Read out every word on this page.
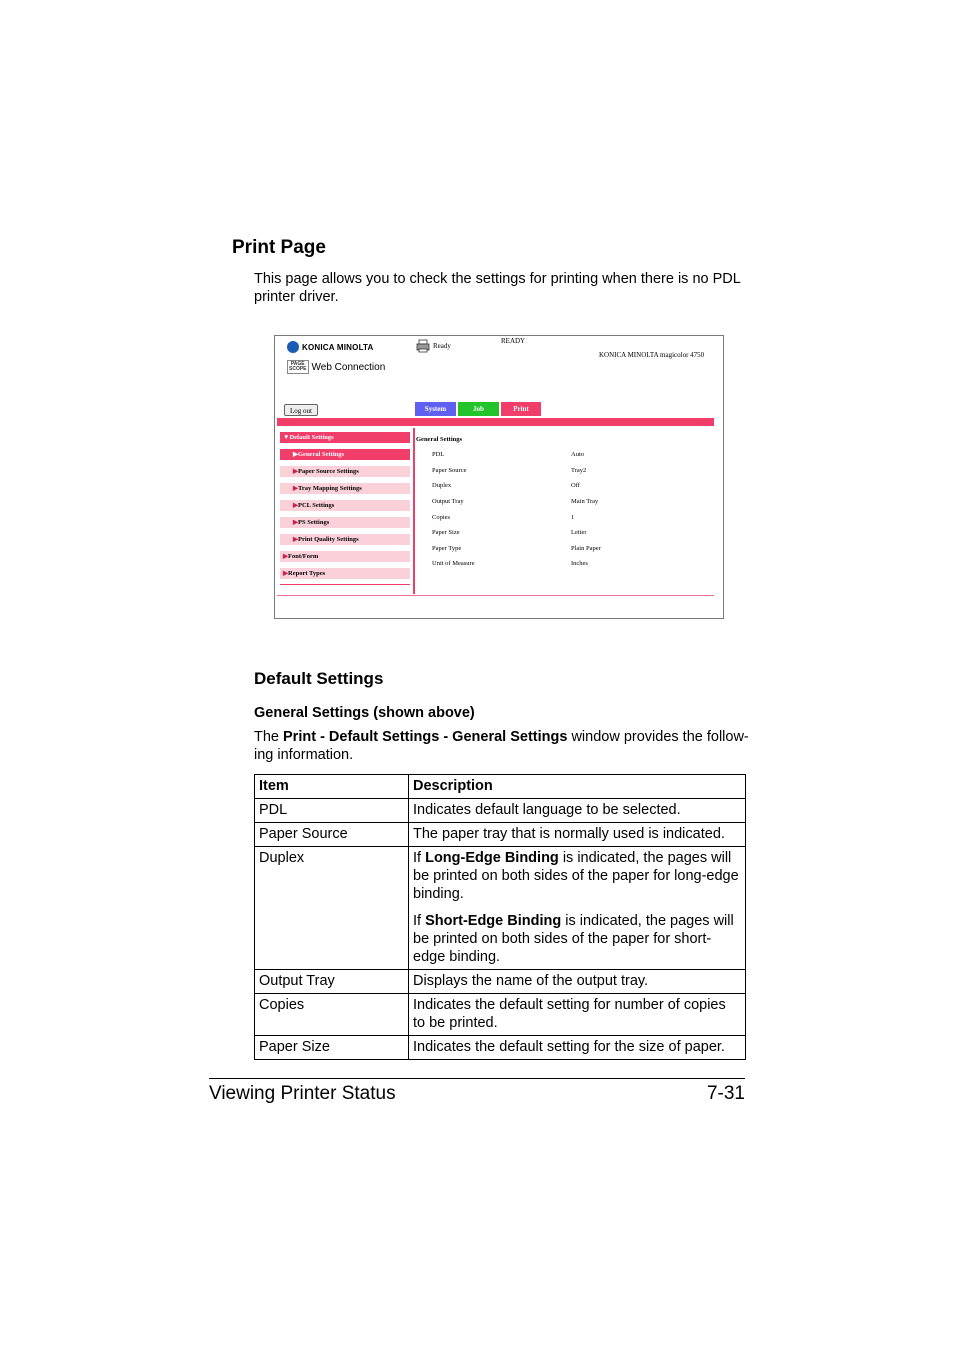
Print Page
This page allows you to check the settings for printing when there is no PDL
printer driver.
KONICA MINOLTA
PAGE
SCOPE Web Connection
Ready
READY
KONICA MINOLTA magicolor 4750
Log out	System	Job	Print
▼Default Settings
▶General Settings
▶Paper Source Settings
▶Tray Mapping Settings
▶PCL Settings
▶PS Settings
▶Print Quality Settings
▶Font/Form
▶Report Types
General Settings
PDL	Auto
Paper Source	Tray2
Duplex	Off
Output Tray	Main Tray
Copies	1
Paper Size	Letter
Paper Type	Plain Paper
Unit of Measure	Inches
Default Settings
General Settings (shown above)
The Print - Default Settings - General Settings window provides the follow-
ing information.
Item	Description
PDL	Indicates default language to be selected.
Paper Source	The paper tray that is normally used is indicated.
Duplex	If Long-Edge Binding is indicated, the pages will be printed on both sides of the paper for long-edge binding.

If Short-Edge Binding is indicated, the pages will be printed on both sides of the paper for short-edge binding.

Output Tray	Displays the name of the output tray.
Copies	Indicates the default setting for number of copies to be printed.
Paper Size	Indicates the default setting for the size of paper.
Viewing Printer Status	7-31
